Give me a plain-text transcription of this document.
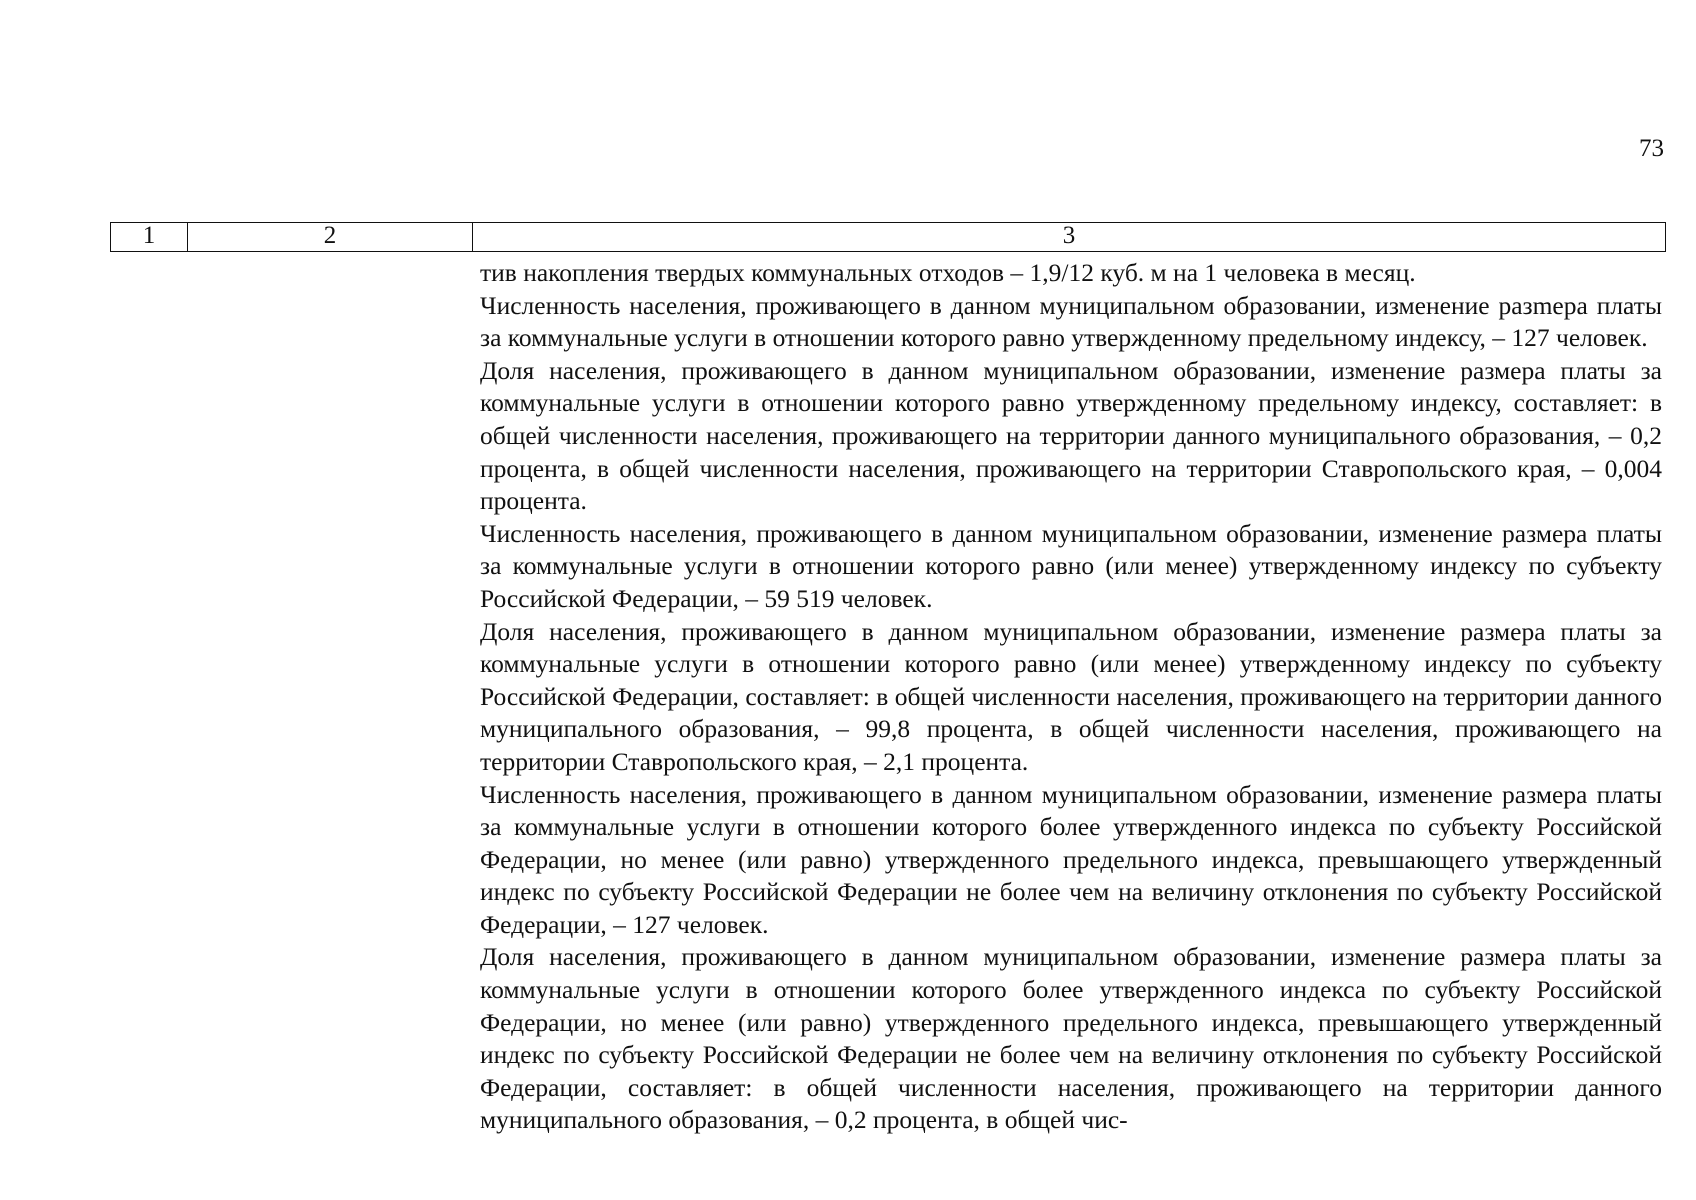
73
1	2	3

тив накопления твердых коммунальных отходов – 1,9/12 куб. м на 1 человека в месяц.

Численность населения, проживающего в данном муниципальном образовании, изменение разmера платы за коммунальные услуги в отношении которого равно утвержденному предельному индексу, – 127 человек.

Доля населения, проживающего в данном муниципальном образовании, изменение размера платы за коммунальные услуги в отношении которого равно утвержденному предельному индексу, составляет: в общей численности населения, проживающего на территории данного муниципального образования, – 0,2 процента, в общей численности населения, проживающего на территории Ставропольского края, – 0,004 процента.

Численность населения, проживающего в данном муниципальном образовании, изменение размера платы за коммунальные услуги в отношении которого равно (или менее) утвержденному индексу по субъекту Российской Федерации, – 59 519 человек.

Доля населения, проживающего в данном муниципальном образовании, изменение размера платы за коммунальные услуги в отношении которого равно (или менее) утвержденному индексу по субъекту Российской Федерации, составляет: в общей численности населения, проживающего на территории данного муниципального образования, – 99,8 процента, в общей численности населения, проживающего на территории Ставропольского края, – 2,1 процента.

Численность населения, проживающего в данном муниципальном образовании, изменение размера платы за коммунальные услуги в отношении которого более утвержденного индекса по субъекту Российской Федерации, но менее (или равно) утвержденного предельного индекса, превышающего утвержденный индекс по субъекту Российской Федерации не более чем на величину отклонения по субъекту Российской Федерации, – 127 человек.

Доля населения, проживающего в данном муниципальном образовании, изменение размера платы за коммунальные услуги в отношении которого более утвержденного индекса по субъекту Российской Федерации, но менее (или равно) утвержденного предельного индекса, превышающего утвержденный индекс по субъекту Российской Федерации не более чем на величину отклонения по субъекту Российской Федерации, составляет: в общей численности населения, проживающего на территории данного муниципального образования, – 0,2 процента, в общей чис-
